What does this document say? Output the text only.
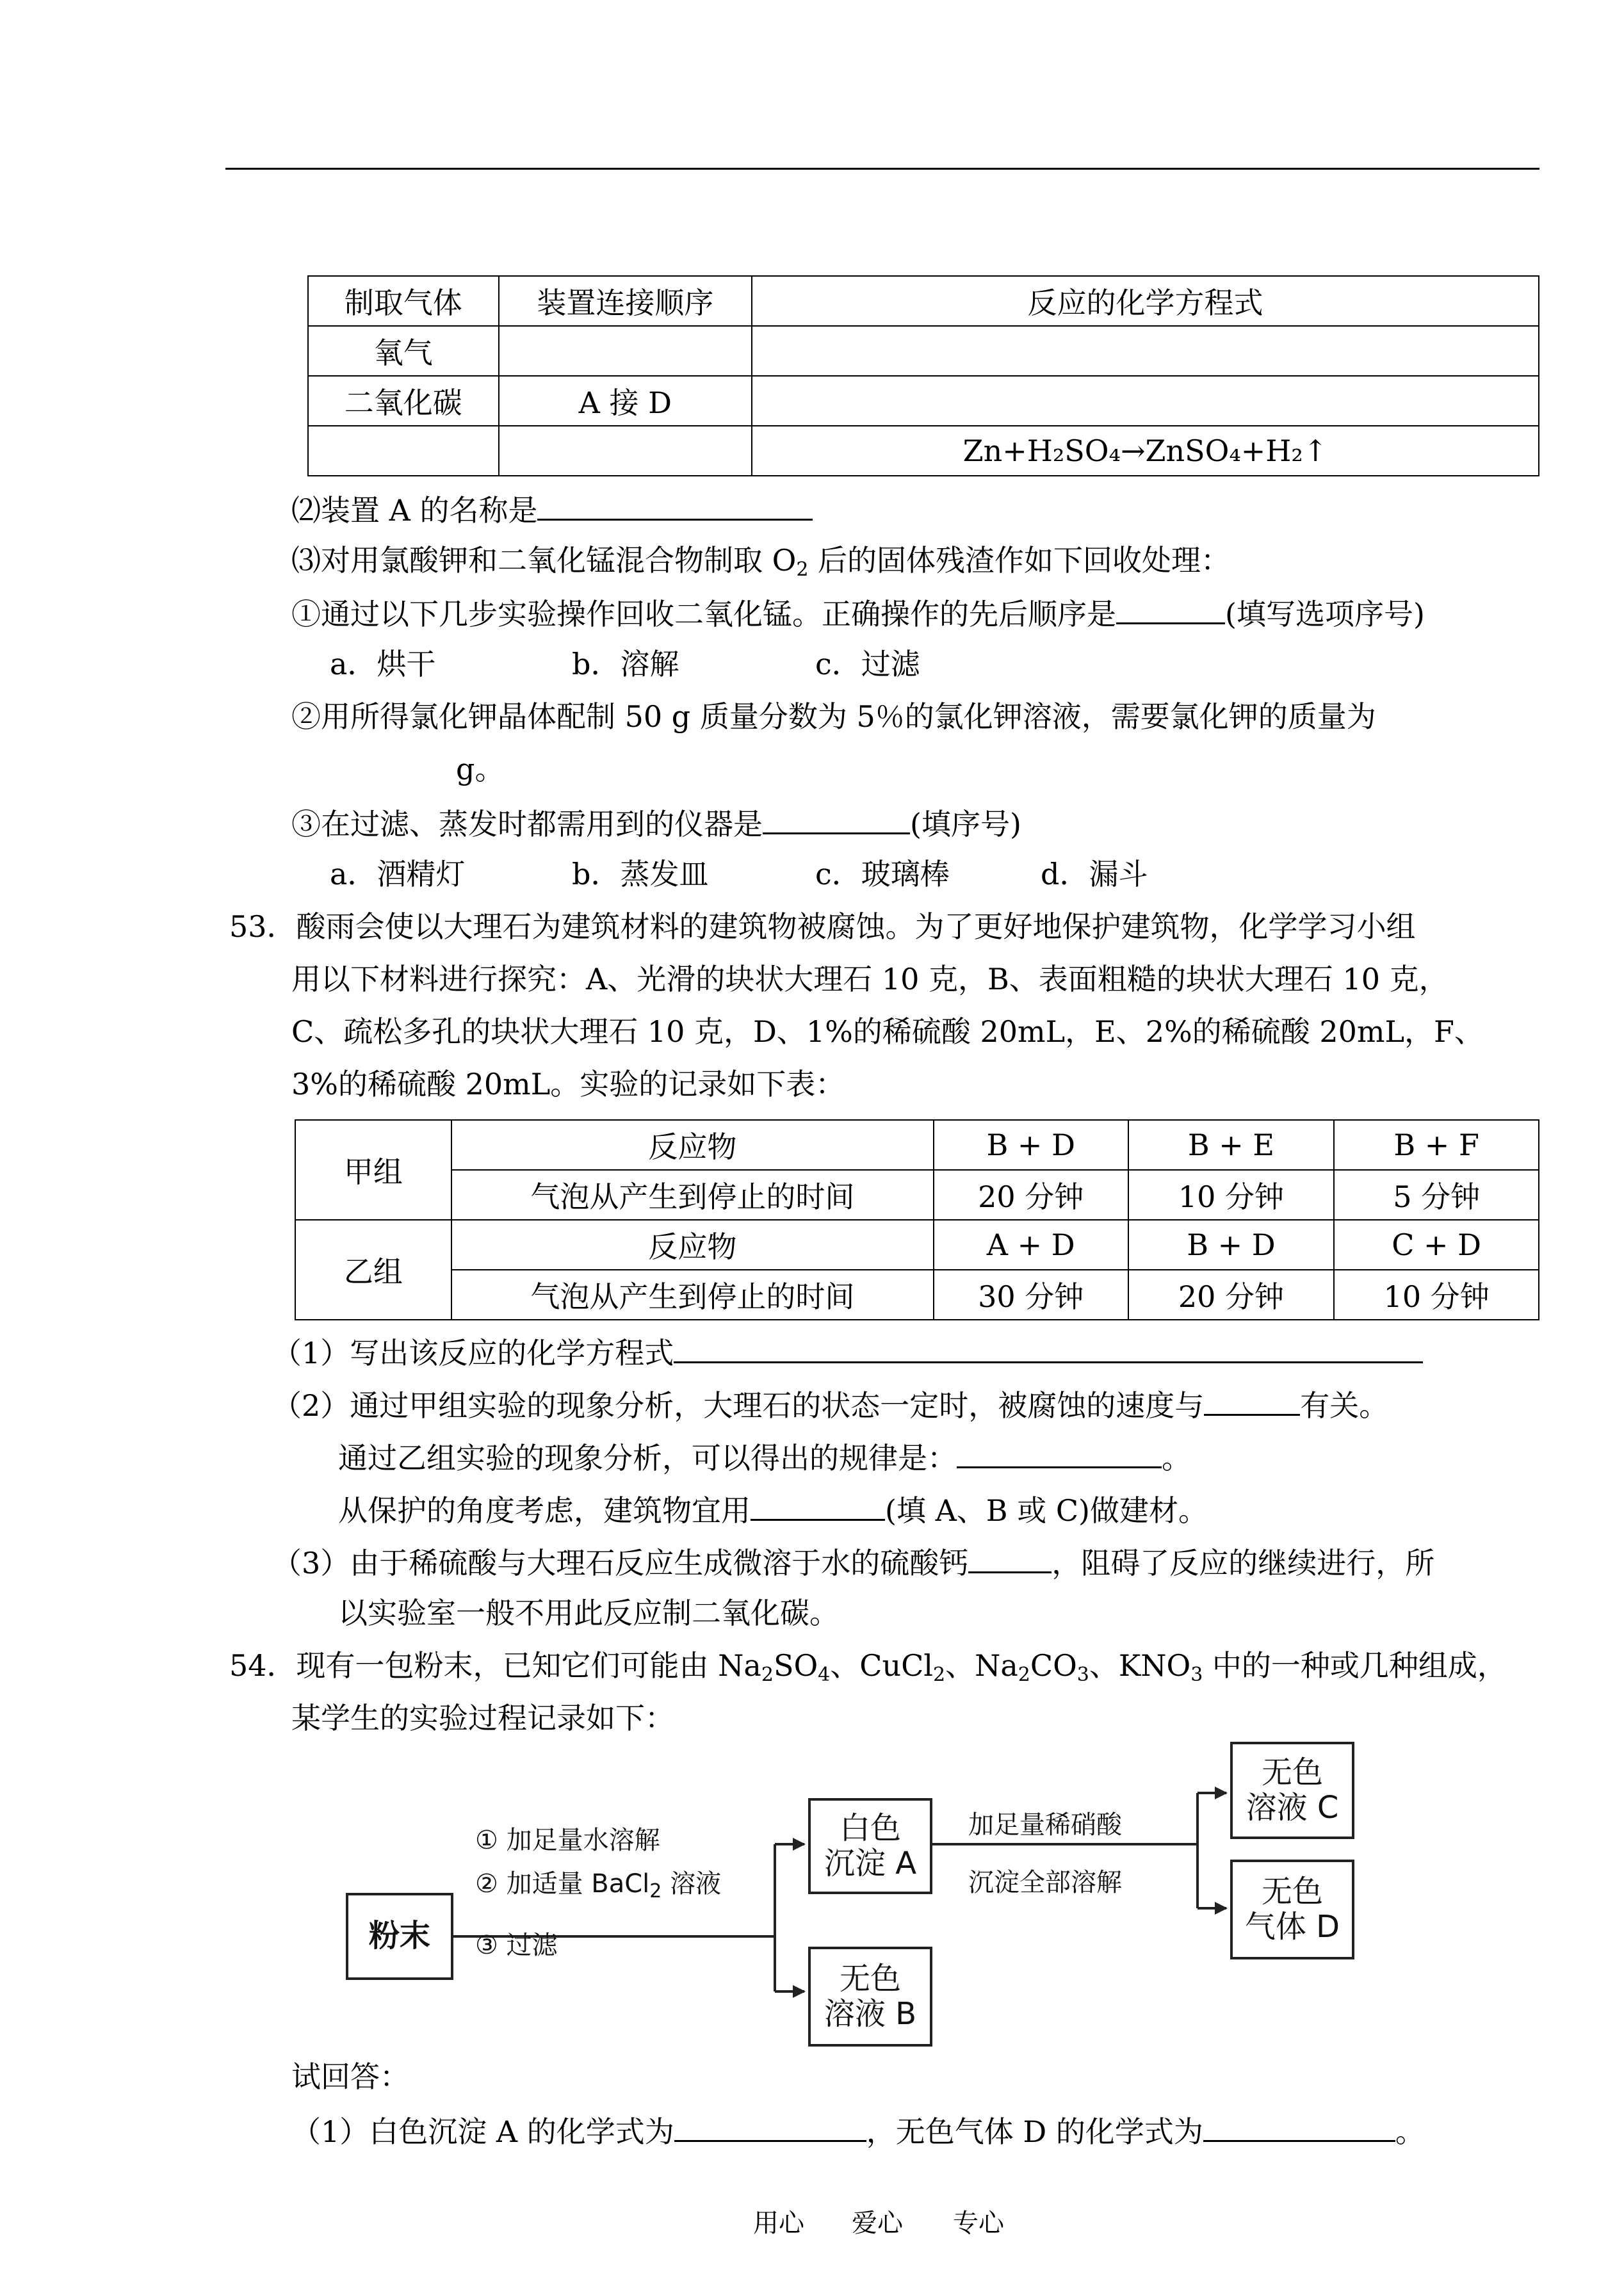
制取气体	装置连接顺序	反应的化学方程式
氧气		
二氧化碳	A 接 D	
		Zn+H₂SO₄→ZnSO₄+H₂↑
⑵装置 A 的名称是
⑶对用氯酸钾和二氧化锰混合物制取 $O_2$ 后的固体残渣作如下回收处理：
①通过以下几步实验操作回收二氧化锰。正确操作的先后顺序是	(填写选项序号)
a．烘干	b．溶解	c．过滤
②用所得氯化钾晶体配制 50 g 质量分数为 5％的氯化钾溶液，需要氯化钾的质量为
g。
③在过滤、蒸发时都需用到的仪器是	(填序号)
a．酒精灯	b．蒸发皿	c．玻璃棒	d．漏斗
53．酸雨会使以大理石为建筑材料的建筑物被腐蚀。为了更好地保护建筑物，化学学习小组
用以下材料进行探究：A、光滑的块状大理石 10 克，B、表面粗糙的块状大理石 10 克，
C、疏松多孔的块状大理石 10 克，D、1%的稀硫酸 20mL，E、2%的稀硫酸 20mL，F、
3%的稀硫酸 20mL。实验的记录如下表：
甲组	反应物	B + D	B + E	B + F
	气泡从产生到停止的时间	20 分钟	10 分钟	5 分钟
乙组	反应物	A + D	B + D	C + D
	气泡从产生到停止的时间	30 分钟	20 分钟	10 分钟
（1）写出该反应的化学方程式
（2）通过甲组实验的现象分析，大理石的状态一定时，被腐蚀的速度与	有关。
通过乙组实验的现象分析，可以得出的规律是：	。
从保护的角度考虑，建筑物宜用	(填 A、B 或 C)做建材。
（3）由于稀硫酸与大理石反应生成微溶于水的硫酸钙	，阻碍了反应的继续进行，所
以实验室一般不用此反应制二氧化碳。
54．现有一包粉末，已知它们可能由 $Na_2SO_4$、CuCl$_2$、$Na_2CO_3$、$KNO_3$ 中的一种或几种组成，
某学生的实验过程记录如下：
粉末
① 加足量水溶解
② 加适量 BaCl$_2$ 溶液
③ 过滤
白色
沉淀 A
无色
溶液 B
加足量稀硝酸
沉淀全部溶解
无色
溶液 C
无色
气体 D
试回答：
（1）白色沉淀 A 的化学式为	，无色气体 D 的化学式为	。
用心 爱心 专心
